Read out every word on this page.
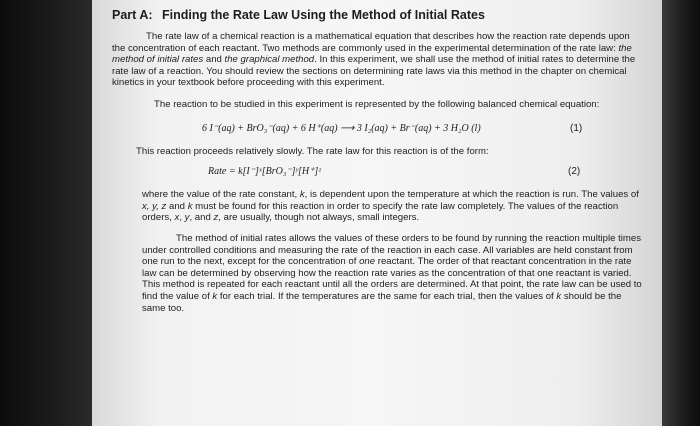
Part A: Finding the Rate Law Using the Method of Initial Rates

The rate law of a chemical reaction is a mathematical equation that describes how the reaction rate depends upon the concentration of each reactant. Two methods are commonly used in the experimental determination of the rate law: the method of initial rates and the graphical method. In this experiment, we shall use the method of initial rates to determine the rate law of a reaction. You should review the sections on determining rate laws via this method in the chapter on chemical kinetics in your textbook before proceeding with this experiment.

The reaction to be studied in this experiment is represented by the following balanced chemical equation:

6 I⁻(aq) + BrO₃⁻(aq) + 6 H⁺(aq) ⟶ 3 I₂(aq) + Br⁻(aq) + 3 H₂O (l)	(1)

This reaction proceeds relatively slowly. The rate law for this reaction is of the form:

Rate = k[I⁻]ˣ[BrO₃⁻]ʸ[H⁺]ᶻ	(2)

where the value of the rate constant, k, is dependent upon the temperature at which the reaction is run. The values of x, y, z and k must be found for this reaction in order to specify the rate law completely. The values of the reaction orders, x, y, and z, are usually, though not always, small integers.

The method of initial rates allows the values of these orders to be found by running the reaction multiple times under controlled conditions and measuring the rate of the reaction in each case. All variables are held constant from one run to the next, except for the concentration of one reactant. The order of that reactant concentration in the rate law can be determined by observing how the reaction rate varies as the concentration of that one reactant is varied. This method is repeated for each reactant until all the orders are determined. At that point, the rate law can be used to find the value of k for each trial. If the temperatures are the same for each trial, then the values of k should be the same too.
